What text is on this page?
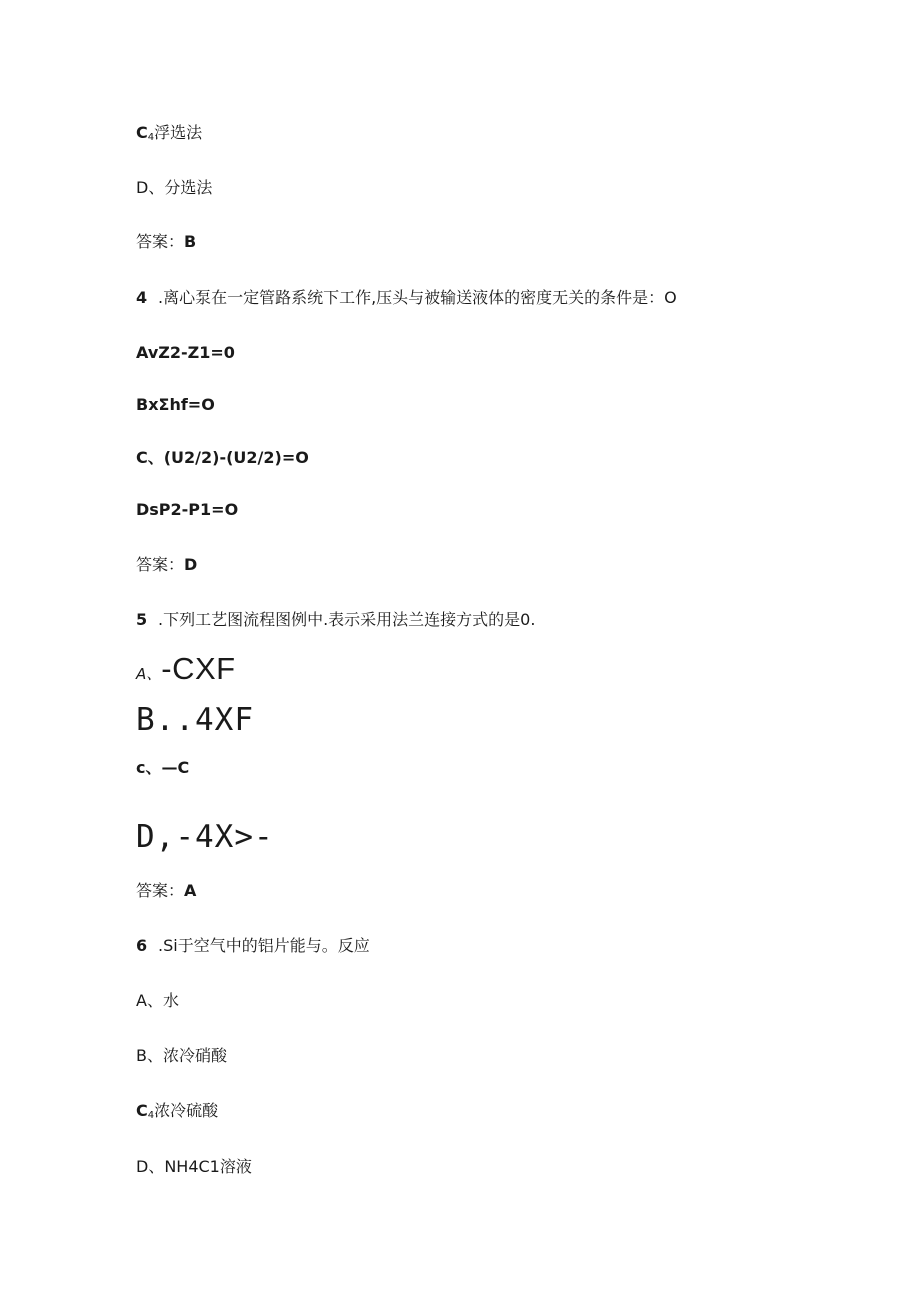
$C_4$浮选法
D、分选法
答案：B
4 .离心泵在一定管路系统下工作,压头与被输送液体的密度无关的条件是：O
AvZ2-Z1=0
BxΣhf=O
C、(U2/2)-(U2/2)=O
DsP2-P1=O
答案：D
5 .下列工艺图流程图例中.表示采用法兰连接方式的是0.
A、-CXF
B..4XF
c、—C
D,-4X>-
答案：A
6 .Si于空气中的铝片能与。反应
A、水
B、浓冷硝酸
$C_4$浓冷硫酸
D、NH4C1溶液
